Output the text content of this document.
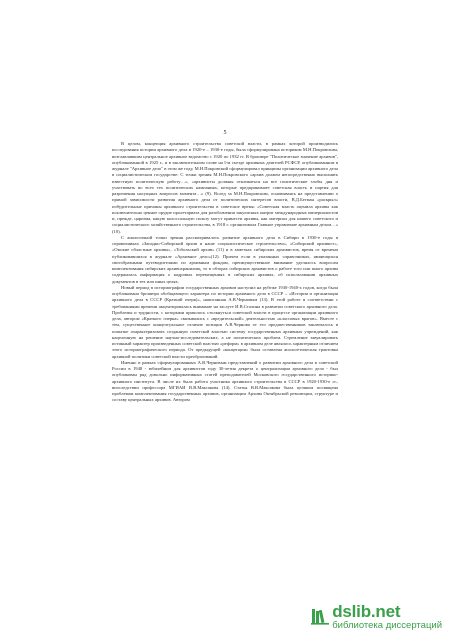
5

В целом, концепция архивного строительства советской власти, в рамках которой производились исследования истории архивного дела в 1920-е – 1930-е годы, была сформулирована историком М.Н.Покровским, возглавлявшим центральное архивное ведомство с 1920 по 1932 гг. В брошюре "Политическое значение архивов", опубликованной в 1925 г., и в заключительном слове на I-м съезде архивных деятелей РСФСР, опубликованном в журнале "Архивное дело" в этом же году, М.Н.Покровский сформулировал принципы организации архивного дела в социалистическом государстве: С точки зрения М.Н.Покровского «архив должен непосредственно выполнять известную политическую работу…», «архивисты должны откликаться на все политические злобы дня и участвовать во всех тех политических кампаниях, которые предпринимает советская власть и партия для разрешения насущных вопросов момента…» (9). Вслед за М.Н.Покровским, основываясь на представлении о прямой зависимости развития архивного дела от политических интересов власти, В.Д.Бегман «раскрыл» побудительные причины архивного строительства в советское время: «Советская власть оценила архивы как исключительно ценное орудие пролетариата для разоблачения закулисных интриг международных империалистов и, прежде, царизма, какую колоссальную пользу могут принести архивы, как материал для нашего советского и социалистического хозяйственного строительства, в 1918 г. организовала Главное управление архивным делом…» (10).

С аналогичной точки зрения рассматривалось развитие архивного дела в Сибири в 1930-е годы в справочниках «Западно-Сибирский архив и наше социалистическое строительство», «Сибирский архивист», «Омские областные архивы», «Тобольский архив» (11) и в заметках сибирских архивистов, время от времени публиковавшихся в журнале «Архивное дело»(12). Причем если в указанных справочниках, являющихся своеобразными путеводителями по архивным фондам, преимущественное внимание уделялось вопросам комплектования сибирских архивохранилищ, то в обзорах сибирских архивистов о работе того или иного архива содержалась информация о кадровых перемещениях в сибирских архивах, об использовании архивных документов в тех или иных целях.

Новый период в историографии государственных архивов наступил на рубеже 1930-1940-х годов, когда была опубликована брошюра обобщающего характера по истории архивного дела в СССР – «История и организация архивного дела в СССР (Краткий очерк)», написанная А.В.Черновым (13). В этой работе в соответствии с требованиями времени акцентировалась внимание на заслуге И.В.Сталина в развитии советского архивного дела. Проблемы и трудности, с которыми пришлось столкнуться советской власти в процессе организации архивного дела, автором «Краткого очерка» связывались с «вредительской» деятельностью «классовых врагов». Вместе с тем, существенное концептуальное отличие позиции А.В.Чернова от его предшественников заключалось в попытке охарактеризовать созданную советской властью систему государственных архивных учреждений, как нацеленную на решение научно-исследовательских, а не политических проблем. Стремление завуалировать истинный характер произведенных советской властью «реформ» в архивном деле являлось характерным отличием этого историографического периода. От предыдущей «концепции» была оставлена апологетическая трактовка архивной политики советской власти преобразований.

Именно в рамках сформулированных А.В.Черновым представлений о развитии архивного дела в советской России в 1948 - юбилейном для архивистов году 30-летия декрета о централизации архивного дела - был опубликован ряд довольно информативных статей преподавателей Московского государственного историко-архивного института. В числе их была работа участника архивного строительства в СССР в 1920-1930-е гг., впоследствии профессора МГИАИ В.В.Максакова (14). Статья В.В.Максакова была целиком посвящена проблемам комплектования государственных архивов, организации Архива Октябрьской революции, структуре и составу центральных архивов. Автором

dslib.net
библиотека диссертаций
